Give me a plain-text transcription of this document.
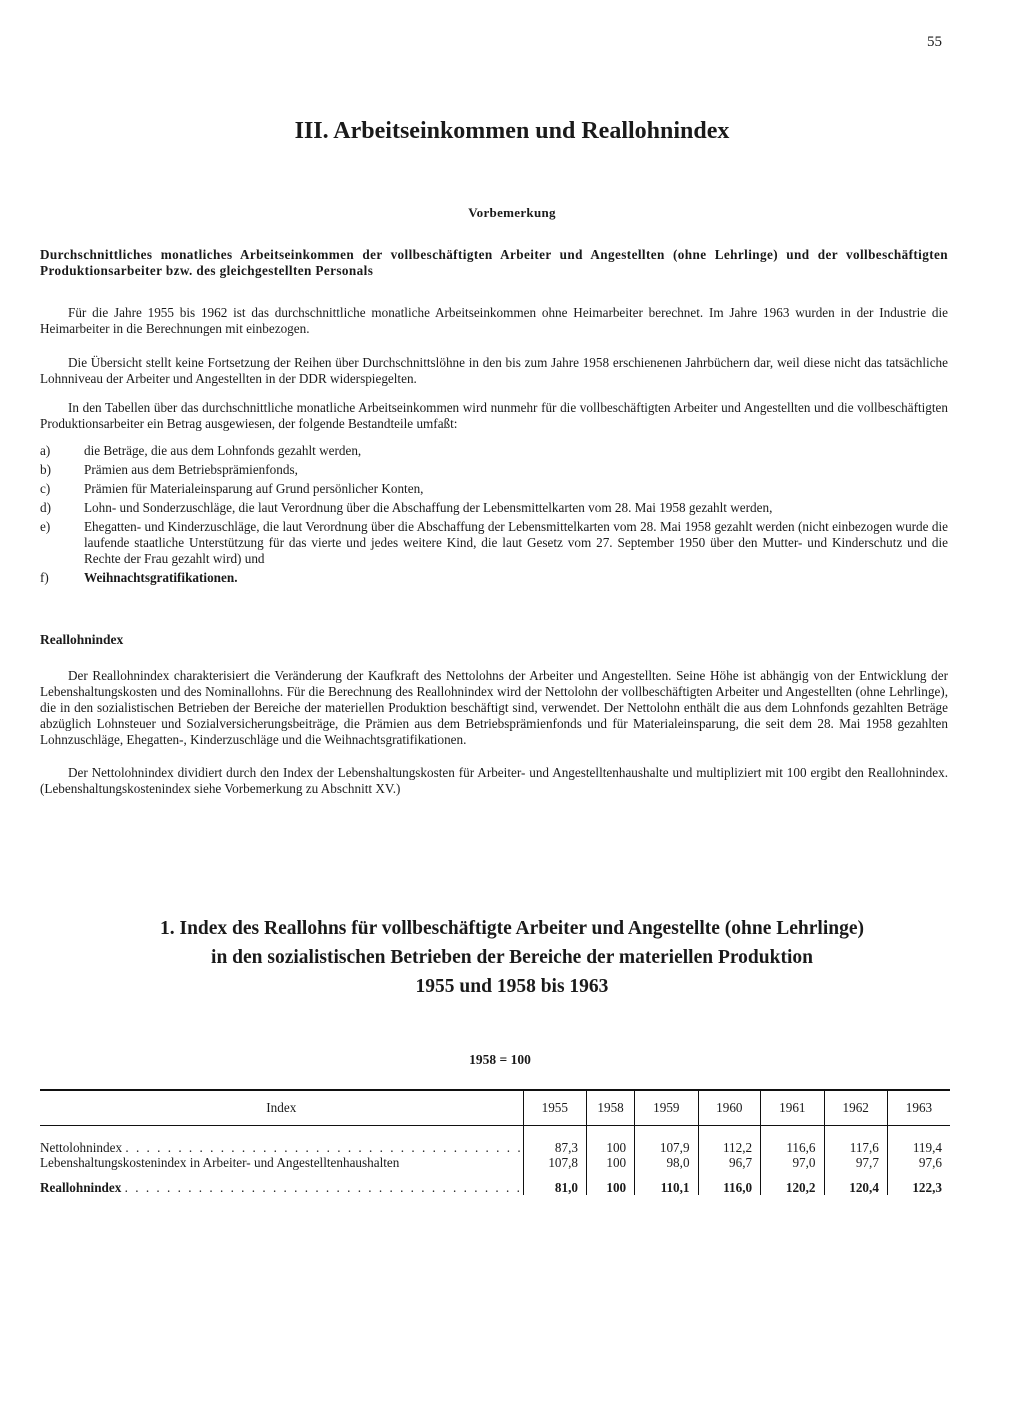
55
III. Arbeitseinkommen und Reallohnindex
Vorbemerkung

Durchschnittliches monatliches Arbeitseinkommen der vollbeschäftigten Arbeiter und Angestellten (ohne Lehrlinge) und der vollbeschäftigten Produktionsarbeiter bzw. des gleichgestellten Personals

Für die Jahre 1955 bis 1962 ist das durchschnittliche monatliche Arbeitseinkommen ohne Heimarbeiter berechnet. Im Jahre 1963 wurden in der Industrie die Heimarbeiter in die Berechnungen mit einbezogen.

Die Übersicht stellt keine Fortsetzung der Reihen über Durchschnittslöhne in den bis zum Jahre 1958 erschienenen Jahrbüchern dar, weil diese nicht das tatsächliche Lohnniveau der Arbeiter und Angestellten in der DDR widerspiegelten.

In den Tabellen über das durchschnittliche monatliche Arbeitseinkommen wird nunmehr für die vollbeschäftigten Arbeiter und Angestellten und die vollbeschäftigten Produktionsarbeiter ein Betrag ausgewiesen, der folgende Bestandteile umfaßt:

a)	die Beträge, die aus dem Lohnfonds gezahlt werden,
b)	Prämien aus dem Betriebsprämienfonds,
c)	Prämien für Materialeinsparung auf Grund persönlicher Konten,
d)	Lohn- und Sonderzuschläge, die laut Verordnung über die Abschaffung der Lebensmittelkarten vom 28. Mai 1958 gezahlt werden,
e)	Ehegatten- und Kinderzuschläge, die laut Verordnung über die Abschaffung der Lebensmittelkarten vom 28. Mai 1958 gezahlt werden (nicht einbezogen wurde die laufende staatliche Unterstützung für das vierte und jedes weitere Kind, die laut Gesetz vom 27. September 1950 über den Mutter- und Kinderschutz und die Rechte der Frau gezahlt wird) und
f)	Weihnachtsgratifikationen.
Reallohnindex

Der Reallohnindex charakterisiert die Veränderung der Kaufkraft des Nettolohns der Arbeiter und Angestellten. Seine Höhe ist abhängig von der Entwicklung der Lebenshaltungskosten und des Nominallohns. Für die Berechnung des Reallohnindex wird der Nettolohn der vollbeschäftigten Arbeiter und Angestellten (ohne Lehrlinge), die in den sozialistischen Betrieben der Bereiche der materiellen Produktion beschäftigt sind, verwendet. Der Nettolohn enthält die aus dem Lohnfonds gezahlten Beträge abzüglich Lohnsteuer und Sozialversicherungsbeiträge, die Prämien aus dem Betriebsprämienfonds und für Materialeinsparung, die seit dem 28. Mai 1958 gezahlten Lohnzuschläge, Ehegatten-, Kinderzuschläge und die Weihnachtsgratifikationen.

Der Nettolohnindex dividiert durch den Index der Lebenshaltungskosten für Arbeiter- und Angestelltenhaushalte und multipliziert mit 100 ergibt den Reallohnindex. (Lebenshaltungskostenindex siehe Vorbemerkung zu Abschnitt XV.)

1. Index des Reallohns für vollbeschäftigte Arbeiter und Angestellte (ohne Lehrlinge)
in den sozialistischen Betrieben der Bereiche der materiellen Produktion
1955 und 1958 bis 1963
1958 = 100
Index	1955	1958	1959	1960	1961	1962	1963
Nettolohnindex . . . . . . . . . . . . . . . . . . . . . . . . . . . . . . . . . . . . . .	87,3	100	107,9	112,2	116,6	117,6	119,4
Lebenshaltungskostenindex in Arbeiter- und Angestelltenhaushalten	107,8	100	98,0	96,7	97,0	97,7	97,6
Reallohnindex . . . . . . . . . . . . . . . . . . . . . . . . . . . . . . . . . . . . . .	81,0	100	110,1	116,0	120,2	120,4	122,3
